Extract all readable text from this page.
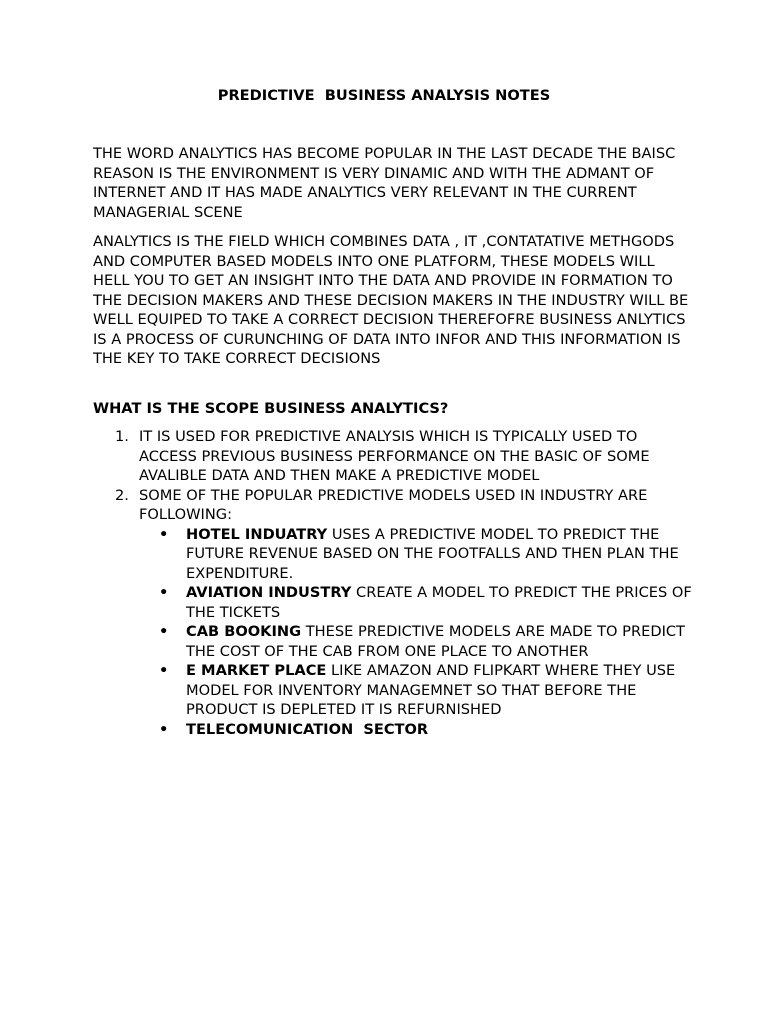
PREDICTIVE  BUSINESS ANALYSIS NOTES

THE WORD ANALYTICS HAS BECOME POPULAR IN THE LAST DECADE THE BAISC REASON IS THE ENVIRONMENT IS VERY DINAMIC AND WITH THE ADMANT OF INTERNET AND IT HAS MADE ANALYTICS VERY RELEVANT IN THE CURRENT MANAGERIAL SCENE

ANALYTICS IS THE FIELD WHICH COMBINES DATA , IT ,CONTATATIVE METHGODS AND COMPUTER BASED MODELS INTO ONE PLATFORM, THESE MODELS WILL HELL YOU TO GET AN INSIGHT INTO THE DATA AND PROVIDE IN FORMATION TO THE DECISION MAKERS AND THESE DECISION MAKERS IN THE INDUSTRY WILL BE WELL EQUIPED TO TAKE A CORRECT DECISION THEREFOFRE BUSINESS ANLYTICS IS A PROCESS OF CURUNCHING OF DATA INTO INFOR AND THIS INFORMATION IS THE KEY TO TAKE CORRECT DECISIONS

WHAT IS THE SCOPE BUSINESS ANALYTICS?
1. IT IS USED FOR PREDICTIVE ANALYSIS WHICH IS TYPICALLY USED TO ACCESS PREVIOUS BUSINESS PERFORMANCE ON THE BASIC OF SOME AVALIBLE DATA AND THEN MAKE A PREDICTIVE MODEL
2. SOME OF THE POPULAR PREDICTIVE MODELS USED IN INDUSTRY ARE FOLLOWING:
• HOTEL INDUATRY USES A PREDICTIVE MODEL TO PREDICT THE FUTURE REVENUE BASED ON THE FOOTFALLS AND THEN PLAN THE EXPENDITURE.
• AVIATION INDUSTRY CREATE A MODEL TO PREDICT THE PRICES OF THE TICKETS
• CAB BOOKING THESE PREDICTIVE MODELS ARE MADE TO PREDICT THE COST OF THE CAB FROM ONE PLACE TO ANOTHER
• E MARKET PLACE LIKE AMAZON AND FLIPKART WHERE THEY USE MODEL FOR INVENTORY MANAGEMNET SO THAT BEFORE THE PRODUCT IS DEPLETED IT IS REFURNISHED
• TELECOMUNICATION  SECTOR
